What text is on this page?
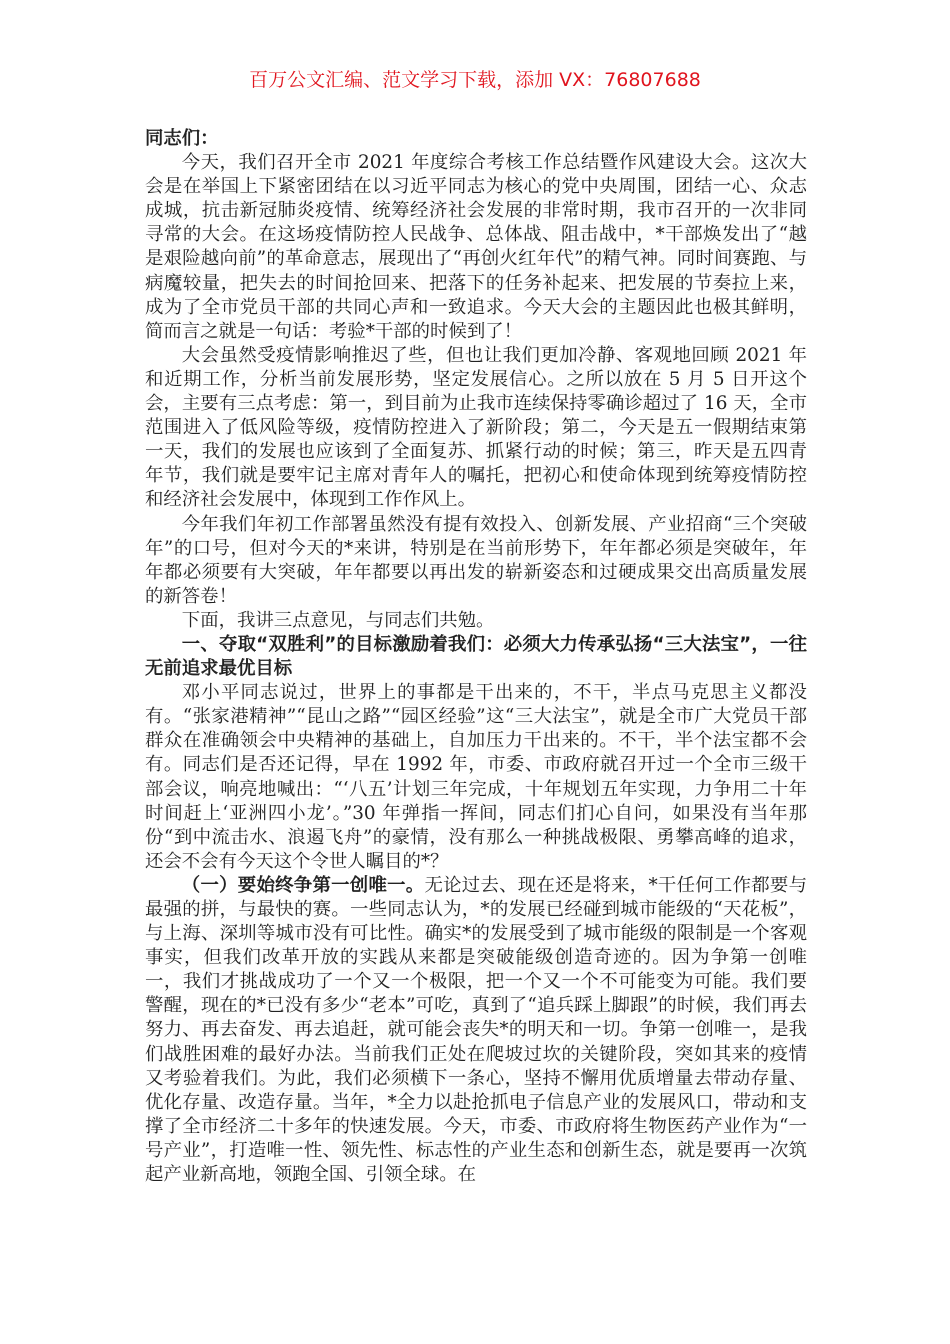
百万公文汇编、范文学习下载，添加 VX：76807688

同志们：

今天，我们召开全市 2021 年度综合考核工作总结暨作风建设大会。这次大会是在举国上下紧密团结在以习近平同志为核心的党中央周围，团结一心、众志成城，抗击新冠肺炎疫情、统筹经济社会发展的非常时期，我市召开的一次非同寻常的大会。在这场疫情防控人民战争、总体战、阻击战中，*干部焕发出了“越是艰险越向前”的革命意志，展现出了“再创火红年代”的精气神。同时间赛跑、与病魔较量，把失去的时间抢回来、把落下的任务补起来、把发展的节奏拉上来，成为了全市党员干部的共同心声和一致追求。今天大会的主题因此也极其鲜明，简而言之就是一句话：考验*干部的时候到了！

大会虽然受疫情影响推迟了些，但也让我们更加冷静、客观地回顾 2021 年和近期工作，分析当前发展形势，坚定发展信心。之所以放在 5 月 5 日开这个会，主要有三点考虑：第一，到目前为止我市连续保持零确诊超过了 16 天，全市范围进入了低风险等级，疫情防控进入了新阶段；第二，今天是五一假期结束第一天，我们的发展也应该到了全面复苏、抓紧行动的时候；第三，昨天是五四青年节，我们就是要牢记主席对青年人的嘱托，把初心和使命体现到统筹疫情防控和经济社会发展中，体现到工作作风上。

今年我们年初工作部署虽然没有提有效投入、创新发展、产业招商“三个突破年”的口号，但对今天的*来讲，特别是在当前形势下，年年都必须是突破年，年年都必须要有大突破，年年都要以再出发的崭新姿态和过硬成果交出高质量发展的新答卷！

下面，我讲三点意见，与同志们共勉。

一、夺取“双胜利”的目标激励着我们：必须大力传承弘扬“三大法宝”，一往无前追求最优目标

邓小平同志说过，世界上的事都是干出来的，不干，半点马克思主义都没有。“张家港精神”“昆山之路”“园区经验”这“三大法宝”，就是全市广大党员干部群众在准确领会中央精神的基础上，自加压力干出来的。不干，半个法宝都不会有。同志们是否还记得，早在 1992 年，市委、市政府就召开过一个全市三级干部会议，响亮地喊出：“‘八五’计划三年完成，十年规划五年实现，力争用二十年时间赶上‘亚洲四小龙’。”30 年弹指一挥间，同志们扪心自问，如果没有当年那份“到中流击水、浪遏飞舟”的豪情，没有那么一种挑战极限、勇攀高峰的追求，还会不会有今天这个令世人瞩目的*？

（一）要始终争第一创唯一。无论过去、现在还是将来，*干任何工作都要与最强的拼，与最快的赛。一些同志认为，*的发展已经碰到城市能级的“天花板”，与上海、深圳等城市没有可比性。确实*的发展受到了城市能级的限制是一个客观事实，但我们改革开放的实践从来都是突破能级创造奇迹的。因为争第一创唯一，我们才挑战成功了一个又一个极限，把一个又一个不可能变为可能。我们要警醒，现在的*已没有多少“老本”可吃，真到了“追兵踩上脚跟”的时候，我们再去努力、再去奋发、再去追赶，就可能会丧失*的明天和一切。争第一创唯一，是我们战胜困难的最好办法。当前我们正处在爬坡过坎的关键阶段，突如其来的疫情又考验着我们。为此，我们必须横下一条心，坚持不懈用优质增量去带动存量、优化存量、改造存量。当年，*全力以赴抢抓电子信息产业的发展风口，带动和支撑了全市经济二十多年的快速发展。今天，市委、市政府将生物医药产业作为“一号产业”，打造唯一性、领先性、标志性的产业生态和创新生态，就是要再一次筑起产业新高地，领跑全国、引领全球。在
